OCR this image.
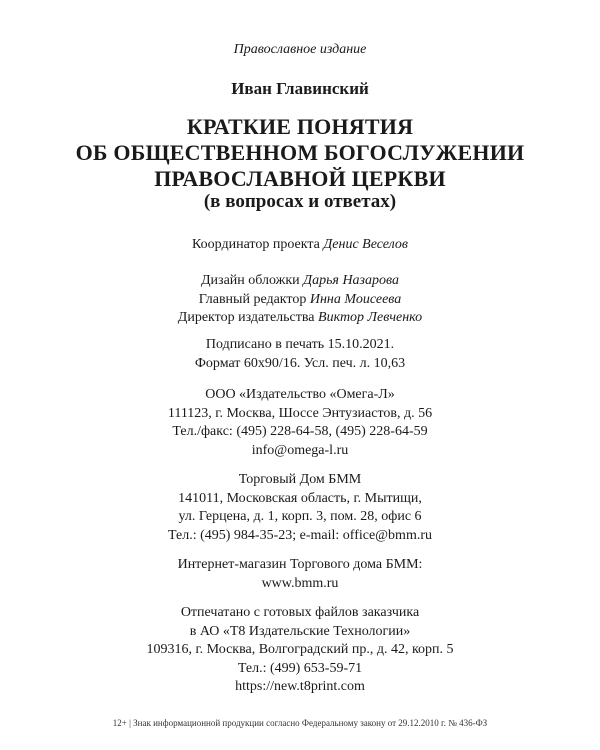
Православное издание
Иван Главинский
КРАТКИЕ ПОНЯТИЯ
ОБ ОБЩЕСТВЕННОМ БОГОСЛУЖЕНИИ
ПРАВОСЛАВНОЙ ЦЕРКВИ
(в вопросах и ответах)
Координатор проекта Денис Веселов
Дизайн обложки Дарья Назарова
Главный редактор Инна Моисеева
Директор издательства Виктор Левченко
Подписано в печать 15.10.2021.
Формат 60х90/16. Усл. печ. л. 10,63
ООО «Издательство «Омега-Л»
111123, г. Москва, Шоссе Энтузиастов, д. 56
Тел./факс: (495) 228-64-58, (495) 228-64-59
info@omega-l.ru
Торговый Дом БММ
141011, Московская область, г. Мытищи,
ул. Герцена, д. 1, корп. 3, пом. 28, офис 6
Тел.: (495) 984-35-23; e-mail: office@bmm.ru
Интернет-магазин Торгового дома БММ:
www.bmm.ru
Отпечатано с готовых файлов заказчика
в АО «Т8 Издательские Технологии»
109316, г. Москва, Волгоградский пр., д. 42, корп. 5
Тел.: (499) 653-59-71
https://new.t8print.com
12+ | Знак информационной продукции согласно Федеральному закону от 29.12.2010 г. № 436-ФЗ
